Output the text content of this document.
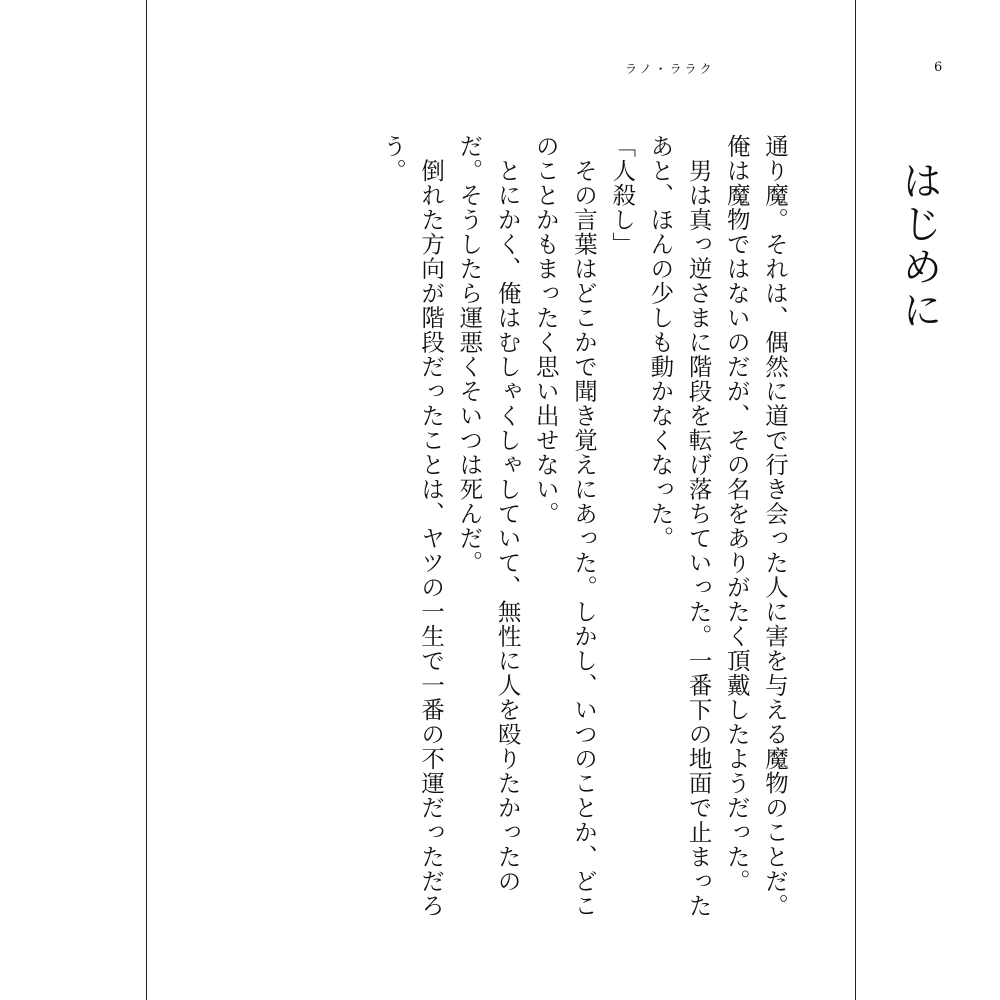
ラノ・ララク	6
はじめに

通り魔。それは、偶然に道で行き会った人に害を与える魔物のことだ。俺は魔物ではないのだが、その名をありがたく頂戴したようだった。

　男は真っ逆さまに階段を転げ落ちていった。一番下の地面で止まったあと、ほんの少しも動かなくなった。

「人殺し」

　その言葉はどこかで聞き覚えにあった。しかし、いつのことか、どこのことかもまったく思い出せない。

　とにかく、俺はむしゃくしゃしていて、無性に人を殴りたかったのだ。そうしたら運悪くそいつは死んだ。

　倒れた方向が階段だったことは、ヤツの一生で一番の不運だっただろう。
